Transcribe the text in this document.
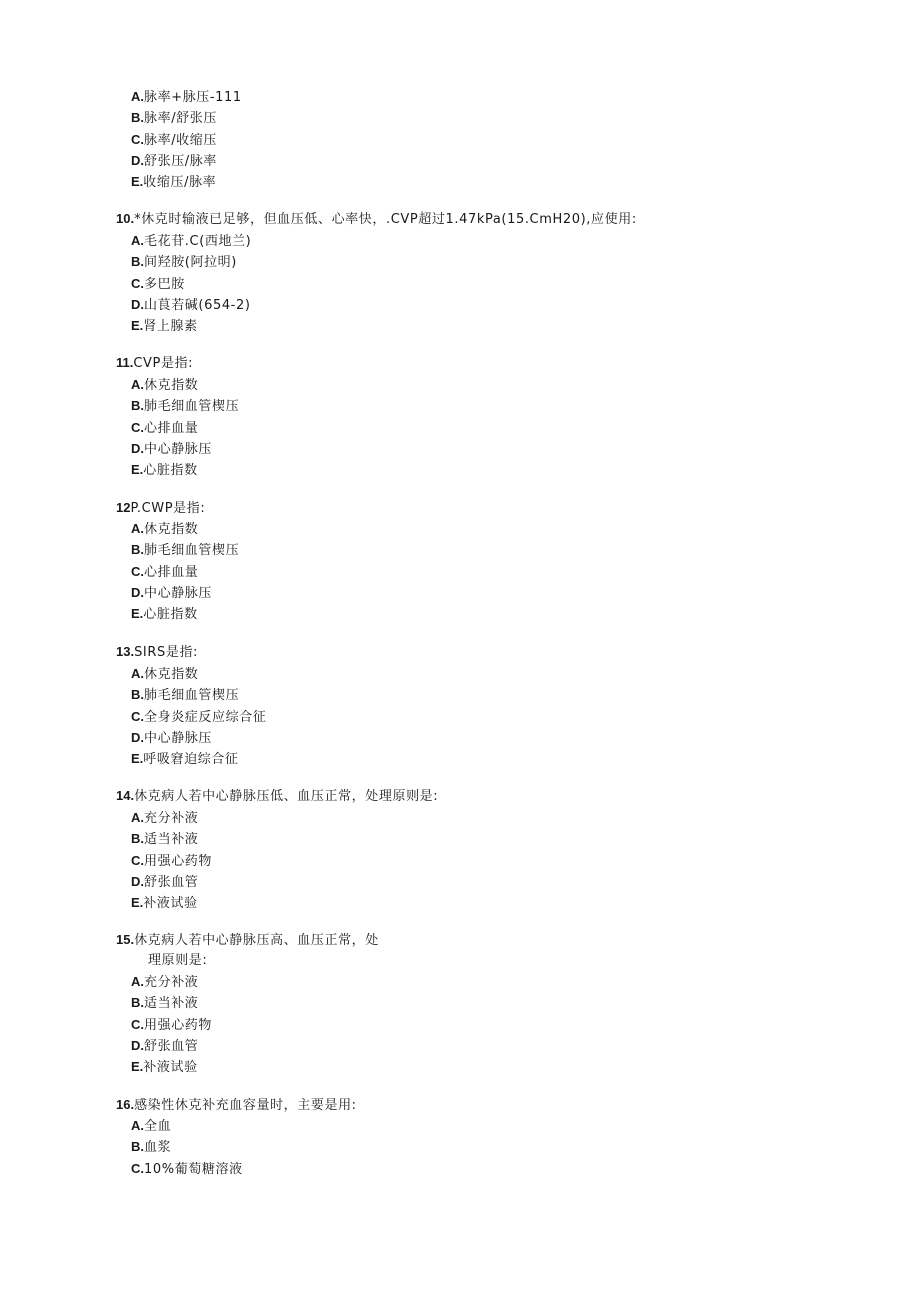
A.脉率+脉压-111
B.脉率/舒张压
C.脉率/收缩压
D.舒张压/脉率
E.收缩压/脉率
10.*休克时输液已足够，但血压低、心率快，.CVP超过1.47kPa(15.CmH20),应使用:
A.毛花苷.C(西地兰)
B.间羟胺(阿拉明)
C.多巴胺
D.山茛若碱(654-2)
E.肾上腺素
11.CVP是指:
A.休克指数
B.肺毛细血管楔压
C.心排血量
D.中心静脉压
E.心脏指数
12P.CWP是指:
A.休克指数
B.肺毛细血管楔压
C.心排血量
D.中心静脉压
E.心脏指数
13.SIRS是指:
A.休克指数
B.肺毛细血管楔压
C.全身炎症反应综合征
D.中心静脉压
E.呼吸窘迫综合征
14.休克病人若中心静脉压低、血压正常，处理原则是:
A.充分补液
B.适当补液
C.用强心药物
D.舒张血管
E.补液试验
15.休克病人若中心静脉压高、血压正常，处
理原则是:
A.充分补液
B.适当补液
C.用强心药物
D.舒张血管
E.补液试验
16.感染性休克补充血容量时，主要是用:
A.全血
B.血浆
C.10%葡萄糖溶液
